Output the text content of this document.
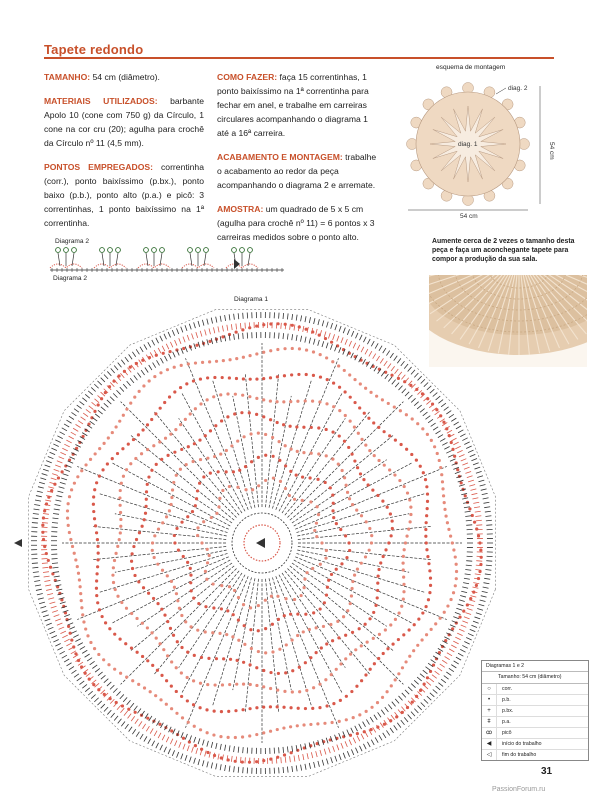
Tapete redondo

TAMANHO: 54 cm (diâmetro).

MATERIAIS UTILIZADOS: barbante Apolo 10 (cone com 750 g) da Círculo, 1 cone na cor cru (20); agulha para crochê da Círculo nº 11 (4,5 mm).

PONTOS EMPREGADOS: correntinha (corr.), ponto baixíssimo (p.bx.), ponto baixo (p.b.), ponto alto (p.a.) e picô: 3 correntinhas, 1 ponto baixíssimo na 1ª correntinha.

COMO FAZER: faça 15 correntinhas, 1 ponto baixíssimo na 1ª correntinha para fechar em anel, e trabalhe em carreiras circulares acompanhando o diagrama 1 até a 16ª carreira.

ACABAMENTO E MONTAGEM: trabalhe o acabamento ao redor da peça acompanhando o diagrama 2 e arremate.

AMOSTRA: um quadrado de 5 x 5 cm (agulha para crochê nº 11) = 6 pontos x 3 carreiras medidos sobre o ponto alto.

esquema de montagem
diag. 1
diag. 2
54 cm
54 cm
Aumente cerca de 2 vezes o tamanho desta peça e faça um aconchegante tapete para compor a produção da sua sala.
Diagrama 2
Diagrama 2
Diagrama 1
Diagramas 1 e 2
Tamanho: 54 cm (diâmetro)
○	corr.
•	p.b.
+	p.bx.
ǂ	p.a.
ꝏ	picô
◀	início do trabalho
◁	fim do trabalho
31
PassionForum.ru
